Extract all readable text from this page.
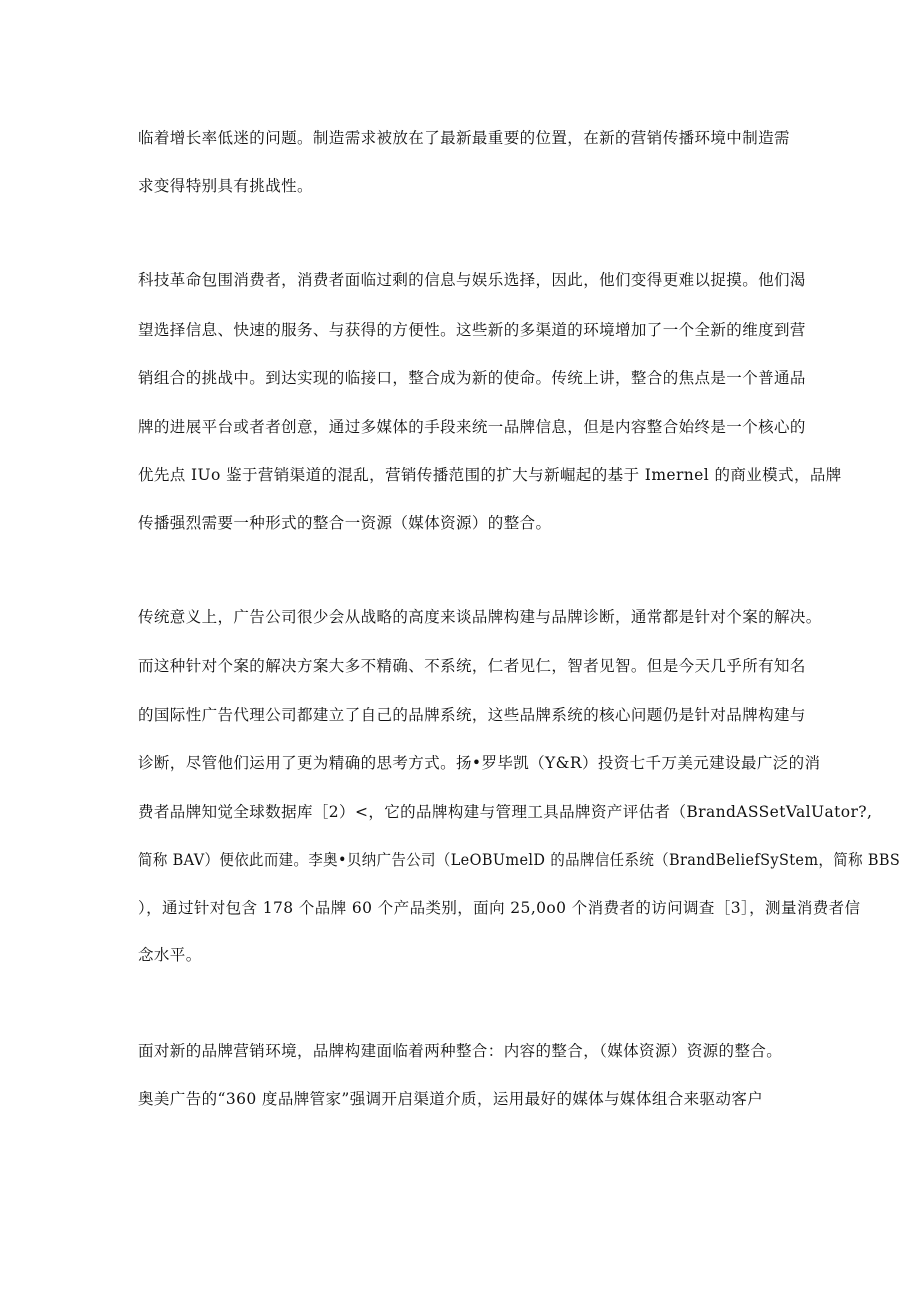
临着增长率低迷的问题。制造需求被放在了最新最重要的位置，在新的营销传播环境中制造需
求变得特别具有挑战性。
科技革命包围消费者，消费者面临过剩的信息与娱乐选择，因此，他们变得更难以捉摸。他们渴
望选择信息、快速的服务、与获得的方便性。这些新的多渠道的环境增加了一个全新的维度到营
销组合的挑战中。到达实现的临接口，整合成为新的使命。传统上讲，整合的焦点是一个普通品
牌的进展平台或者者创意，通过多媒体的手段来统一品牌信息，但是内容整合始终是一个核心的
优先点 IUo 鉴于营销渠道的混乱，营销传播范围的扩大与新崛起的基于 Imernel 的商业模式，品牌
传播强烈需要一种形式的整合一资源（媒体资源）的整合。
传统意义上，广告公司很少会从战略的高度来谈品牌构建与品牌诊断，通常都是针对个案的解决。
而这种针对个案的解决方案大多不精确、不系统，仁者见仁，智者见智。但是今天几乎所有知名
的国际性广告代理公司都建立了自己的品牌系统，这些品牌系统的核心问题仍是针对品牌构建与
诊断，尽管他们运用了更为精确的思考方式。扬•罗毕凯（Y&R）投资七千万美元建设最广泛的消
费者品牌知觉全球数据库［2）<，它的品牌构建与管理工具品牌资产评估者（BrandASSetValUator?,
简称 BAV）便依此而建。李奥•贝纳广告公司（LeOBUmelD 的品牌信任系统（BrandBeliefSyStem，简称 BBS
），通过针对包含 178 个品牌 60 个产品类别，面向 25,0o0 个消费者的访问调查［3］，测量消费者信
念水平。
面对新的品牌营销环境，品牌构建面临着两种整合：内容的整合，（媒体资源）资源的整合。
奥美广告的“360 度品牌管家”强调开启渠道介质，运用最好的媒体与媒体组合来驱动客户
